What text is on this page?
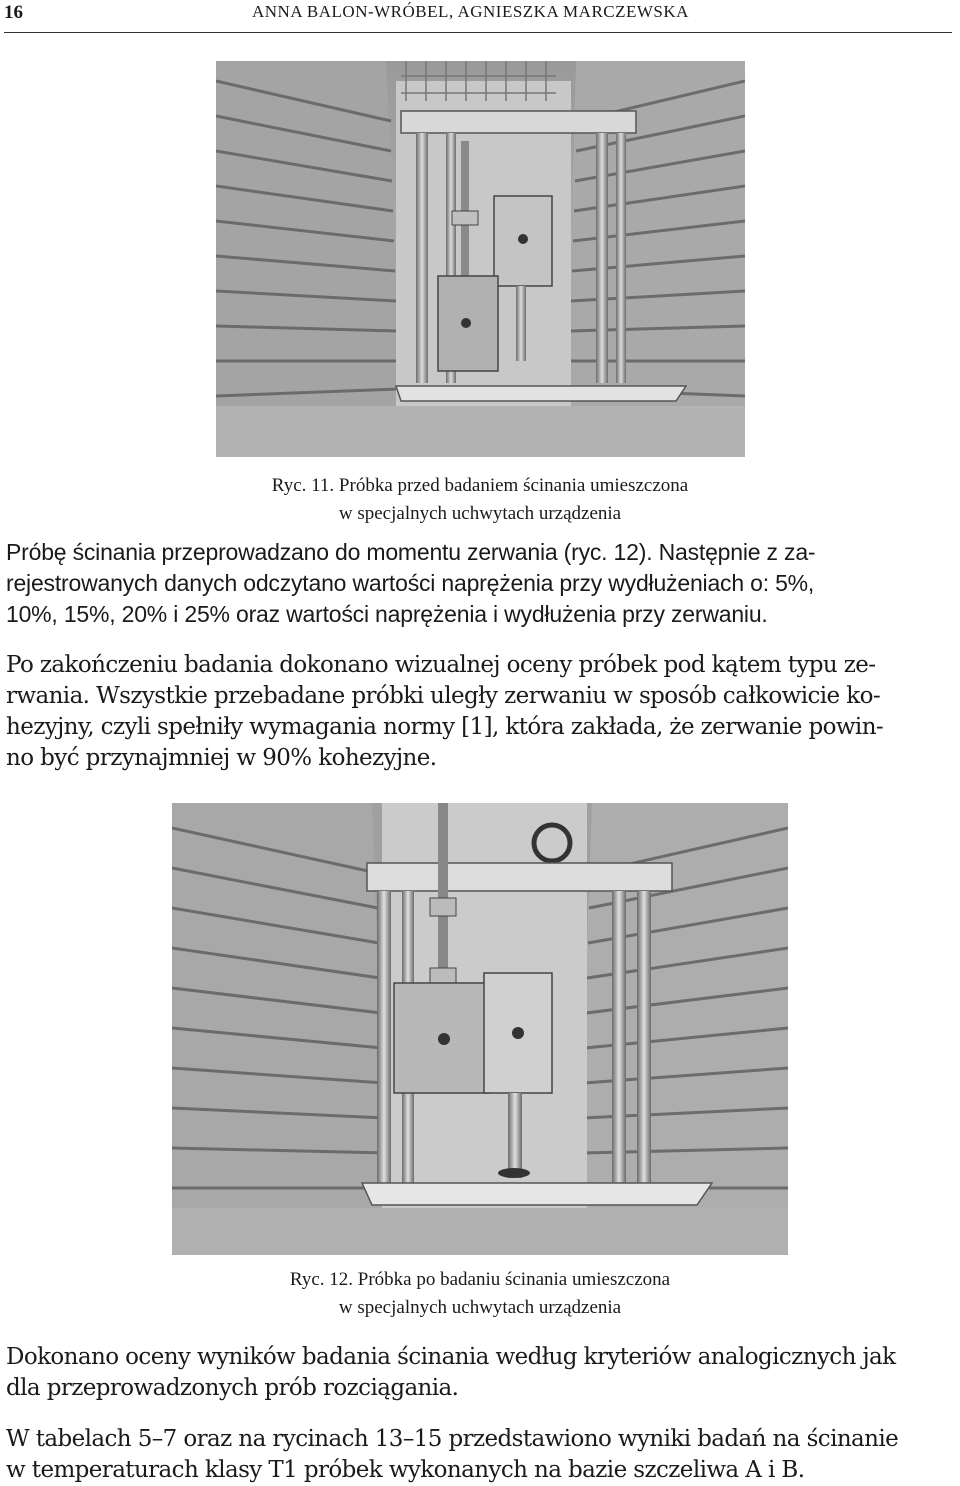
16	ANNA BALON-WRÓBEL, AGNIESZKA MARCZEWSKA
Ryc. 11. Próbka przed badaniem ścinania umieszczona
w specjalnych uchwytach urządzenia
Próbę ścinania przeprowadzano do momentu zerwania (ryc. 12). Następnie z za-
rejestrowanych danych odczytano wartości naprężenia przy wydłużeniach o: 5%,
10%, 15%, 20% i 25% oraz wartości naprężenia i wydłużenia przy zerwaniu.
Po zakończeniu badania dokonano wizualnej oceny próbek pod kątem typu ze-
rwania. Wszystkie przebadane próbki uległy zerwaniu w sposób całkowicie ko-
hezyjny, czyli spełniły wymagania normy [1], która zakłada, że zerwanie powin-
no być przynajmniej w 90% kohezyjne.
Ryc. 12. Próbka po badaniu ścinania umieszczona
w specjalnych uchwytach urządzenia
Dokonano oceny wyników badania ścinania według kryteriów analogicznych jak
dla przeprowadzonych prób rozciągania.
W tabelach 5–7 oraz na rycinach 13–15 przedstawiono wyniki badań na ścinanie
w temperaturach klasy T1 próbek wykonanych na bazie szczeliwa A i B.
